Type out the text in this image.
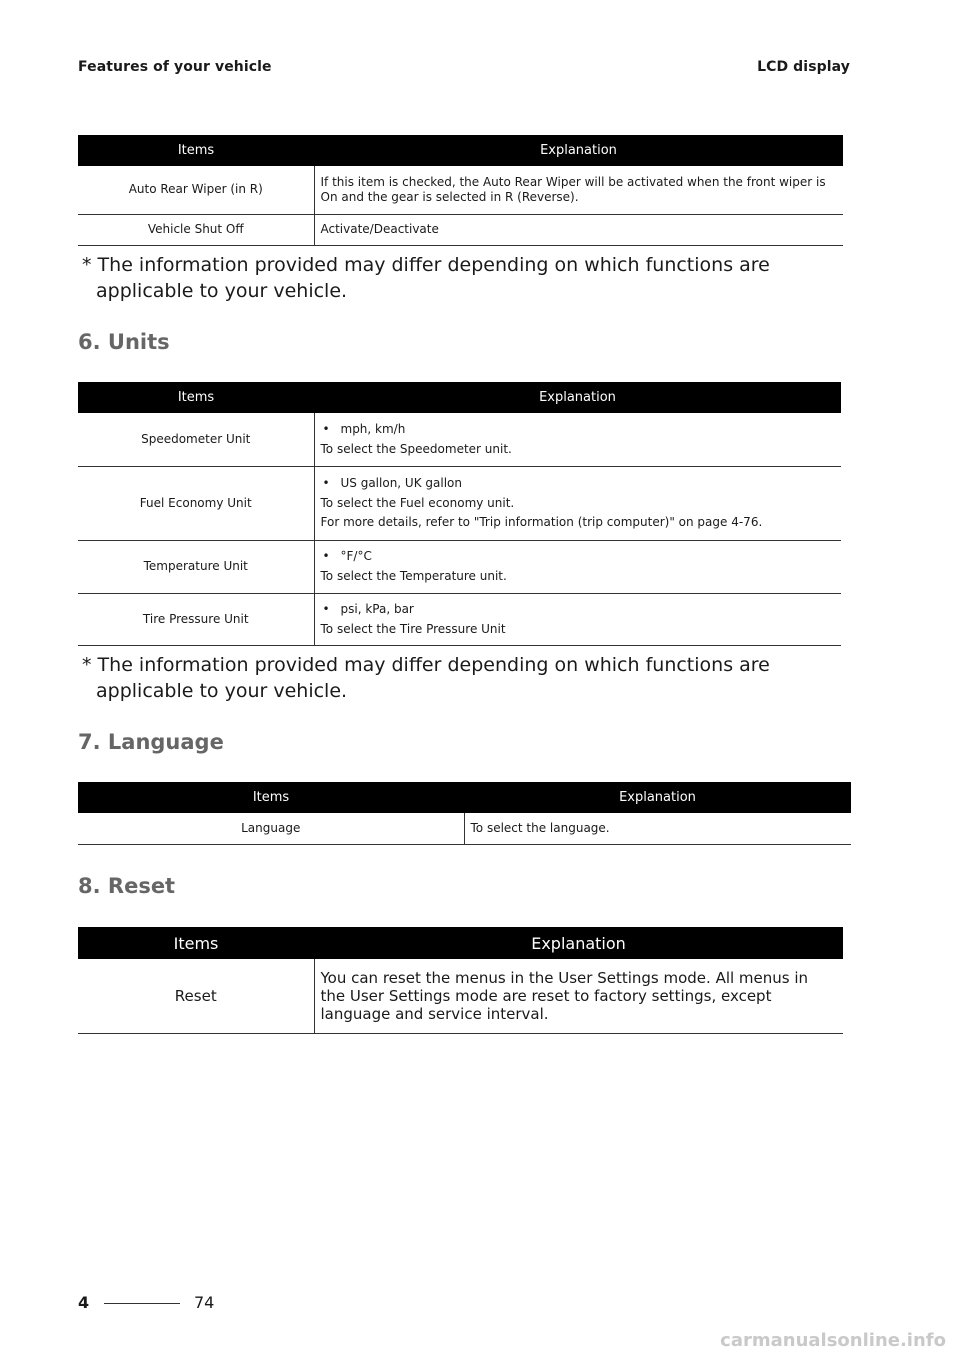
Features of your vehicle	LCD display
Items	Explanation
Auto Rear Wiper (in R)	If this item is checked, the Auto Rear Wiper will be activated when the front wiper is On and the gear is selected in R (Reverse).
Vehicle Shut Off	Activate/Deactivate

* The information provided may differ depending on which functions are applicable to your vehicle.

6. Units
Items	Explanation
Speedometer Unit	• mph, km/h
To select the Speedometer unit.

Fuel Economy Unit	• US gallon, UK gallon
To select the Fuel economy unit.
For more details, refer to "Trip information (trip computer)" on page 4-76.

Temperature Unit	• °F/°C
To select the Temperature unit.

Tire Pressure Unit	• psi, kPa, bar
To select the Tire Pressure Unit

* The information provided may differ depending on which functions are applicable to your vehicle.

7. Language
Items	Explanation
Language	To select the language.
8. Reset
Items	Explanation
Reset	You can reset the menus in the User Settings mode. All menus in the User Settings mode are reset to factory settings, except language and service interval.
4	74
carmanualsonline.info
